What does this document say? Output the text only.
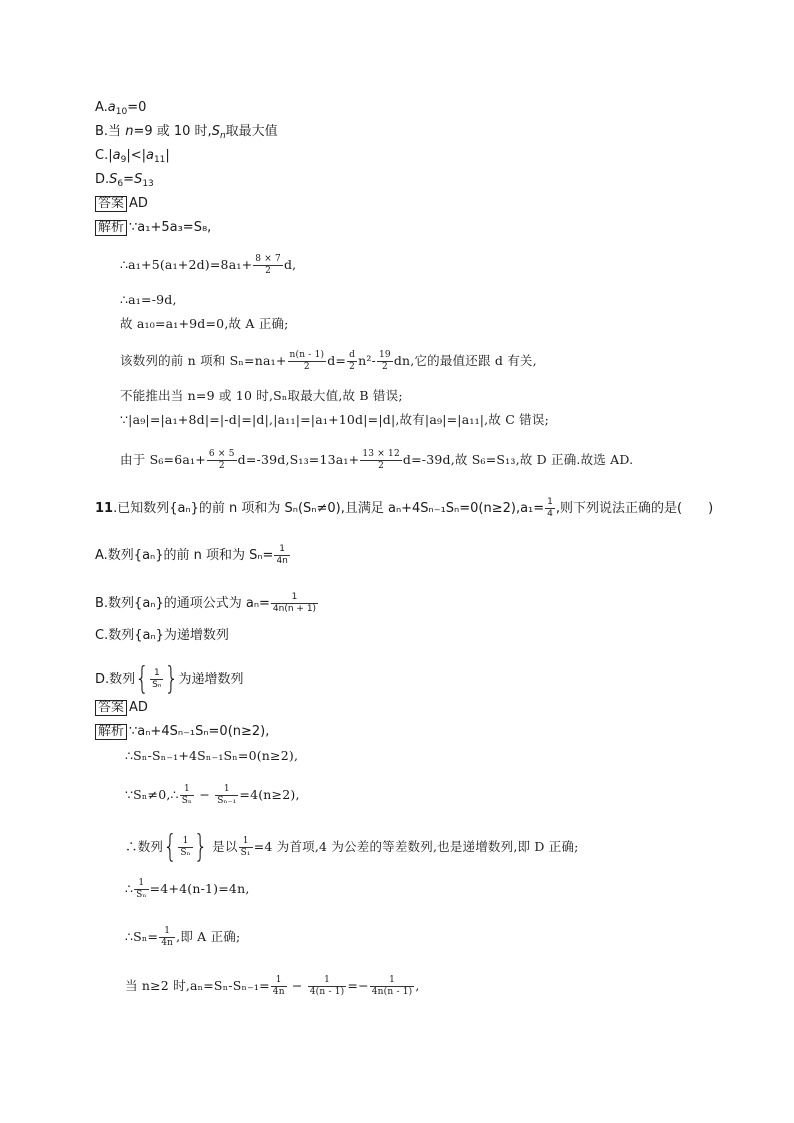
$A.a_{10}=0$
B.当 n=9 或 10 时$,S_n$取最大值
$C.|a_9|<|a_{11}|$
$D.S_6=S_{13}$
答案 AD
解析 ∵a₁+5a₃=S₈,
∴a₁+5(a₁+2d)=8a₁+ $\frac{8 \times 7}{2} d$,
∴a₁=-9d,
故 a₁₀=a₁+9d=0,故 A 正确;
该数列的前 n 项和 $S_n=na_1+ \frac{n(n - 1)}{2} d= \frac{d}{2} n^2- \frac{19}{2}$ dn,它的最值还跟 d 有关,
不能推出当 n=9 或 10 时,Sₙ取最大值,故 B 错误;
∵|a₉|=|a₁+8d|=|-d|=|d|,|a₁₁|=|a₁+10d|=|d|,故有|a₉|=|a₁₁|,故 C 错误;
由于 $S_6=6a_1+ \frac{6 \times 5}{2} d=-39d,S_{13}=13a_1+ \frac{13 \times 12}{2} d=-39d$,故 S₆=S₁₃,故 D 正确.故选 AD.
11.已知数列{aₙ}的前 n 项和为 Sₙ(Sₙ≠0),且满足 $a_n+4S_{n-1}S_n=0(n\ge 2),a_1= \frac{1}{4}$ ,则下列说法正确的是(　　)
A.数列{aₙ}的前 n 项和为 $S_n= \frac{1}{4n}$
B.数列{aₙ}的通项公式为 $a_n= \frac{1}{4n(n + 1)}$
C.数列{aₙ}为递增数列
D.数列{ $\frac{1}{\text{Sₙ}}$ }为递增数列
答案 AD
解析 ∵aₙ+4Sₙ₋₁Sₙ=0(n≥2),
∴Sₙ-Sₙ₋₁+4Sₙ₋₁Sₙ=0(n≥2),
∵Sₙ≠0,∴ $\frac{1}{\text{Sₙ}} - \frac{1}{\text{Sₙ₋₁}} =4(n\ge 2)$,
∴数列{ $\frac{1}{\text{Sₙ}}$ } 是以 $\frac{1}{\text{S₁}} =4$ 为首项,4 为公差的等差数列,也是递增数列,即 D 正确;
∴ $\frac{1}{\text{Sₙ}} =4+4(n-1)=4n$,
∴Sₙ= $\frac{1}{4n}$ ,即 A 正确;
当 n≥2 时$,a_n=S_n-S_{n-1}= \frac{1}{4n} - \frac{1}{4(n - 1)} =- \frac{1}{4n(n - 1)}$ ,
